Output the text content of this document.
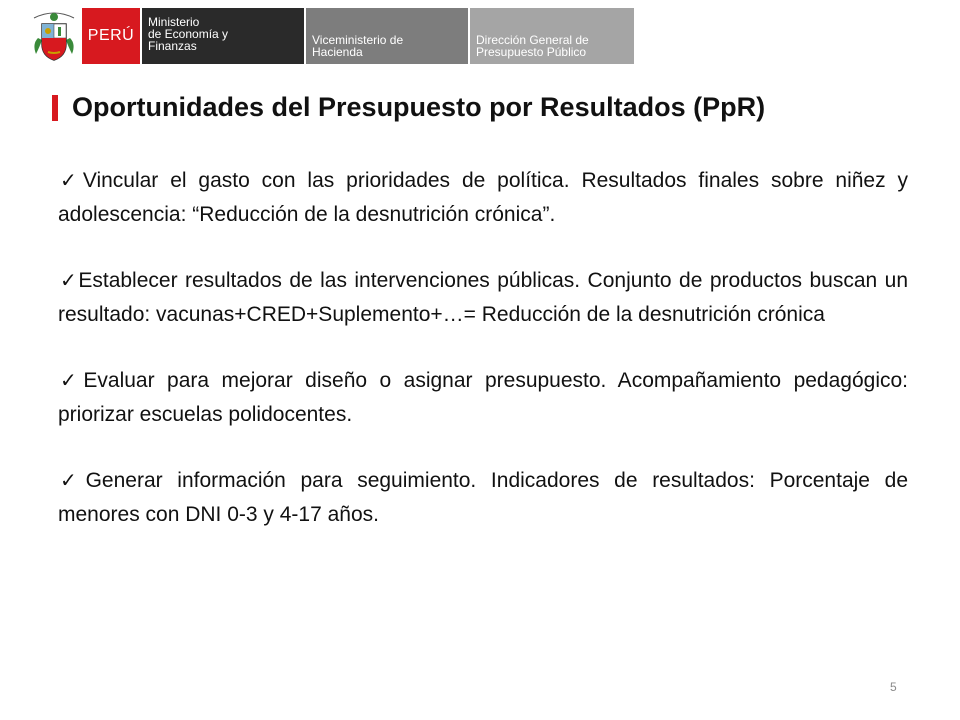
PERÚ
Ministerio
de Economía y
Finanzas	Viceministerio de
Hacienda
Dirección General de
Presupuesto Público
Oportunidades del Presupuesto por Resultados (PpR)
✓Vincular el gasto con las prioridades de política. Resultados finales sobre niñez y adolescencia: “Reducción de la desnutrición crónica”.
✓Establecer resultados de las intervenciones públicas. Conjunto de productos buscan un resultado: vacunas+CRED+Suplemento+…= Reducción de la desnutrición crónica
✓Evaluar para mejorar diseño o asignar presupuesto. Acompañamiento pedagógico: priorizar escuelas polidocentes.
✓Generar información para seguimiento. Indicadores de resultados: Porcentaje de menores con DNI 0-3 y 4-17 años.
5
